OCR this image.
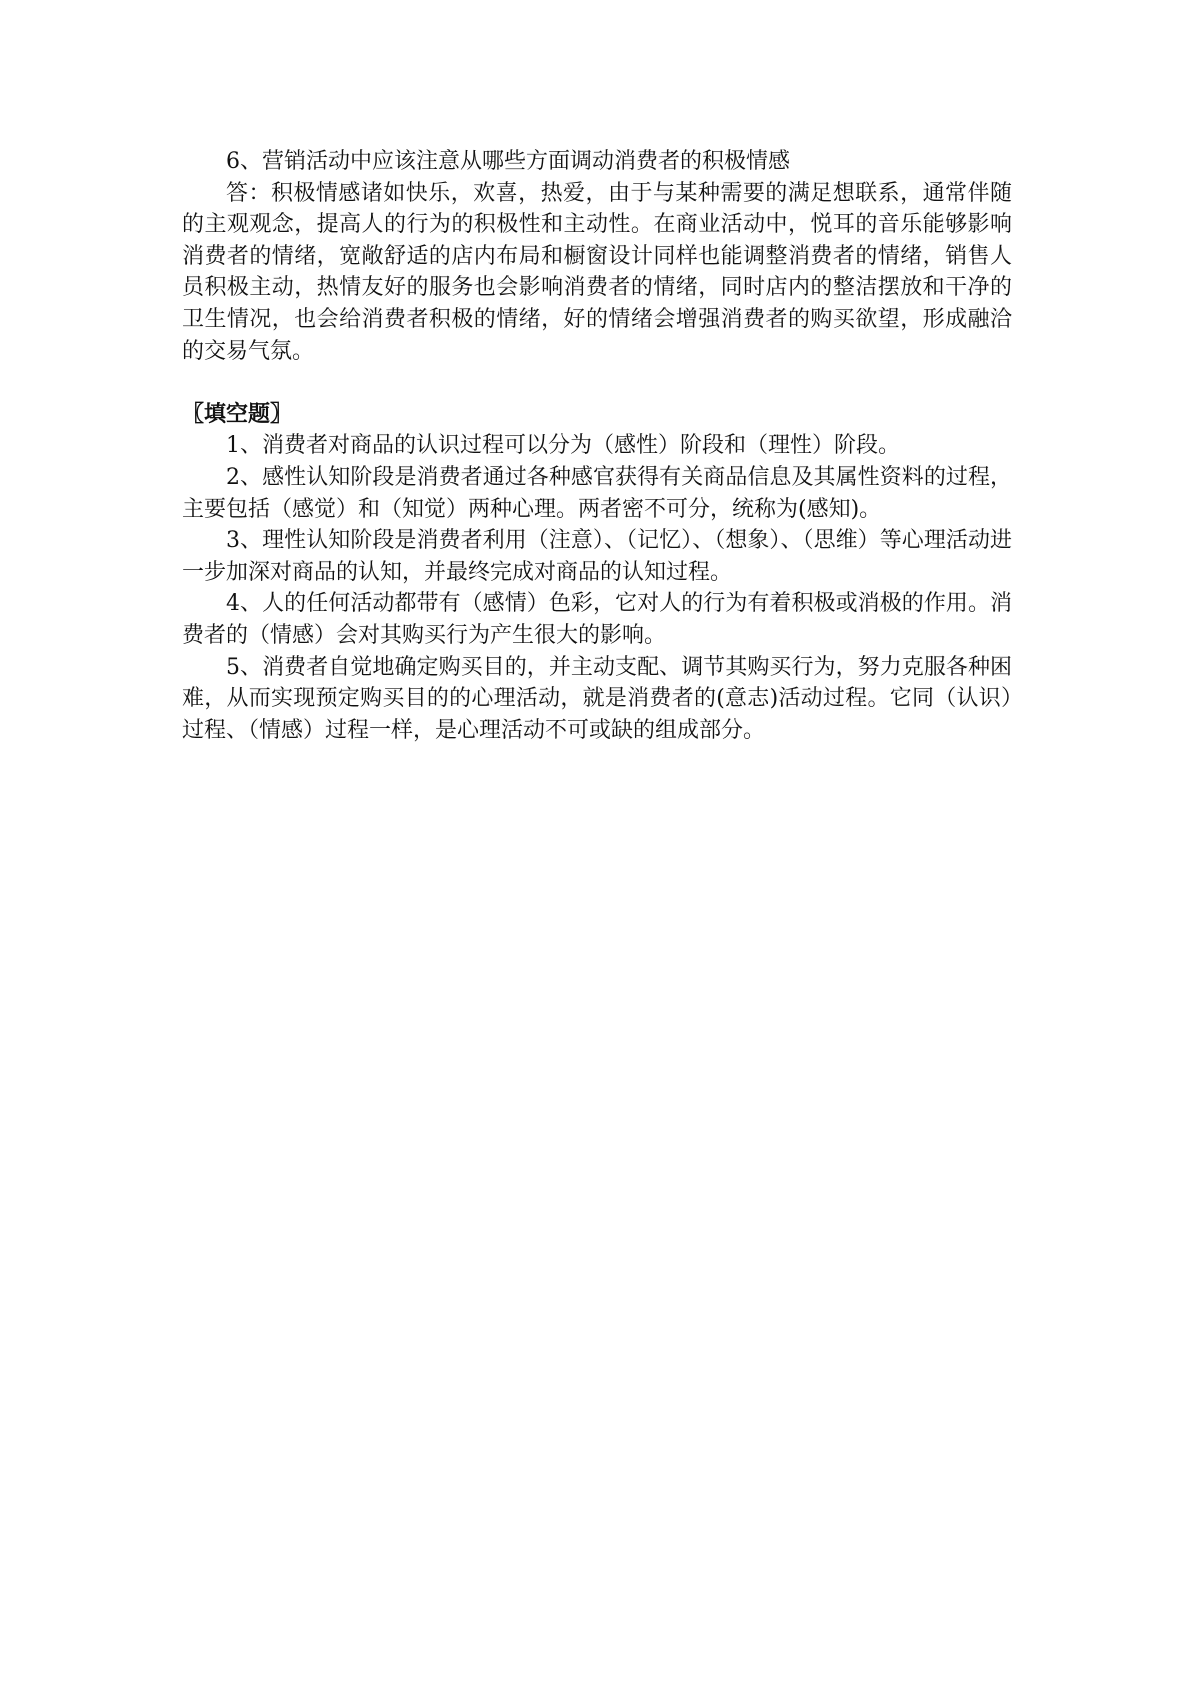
6、营销活动中应该注意从哪些方面调动消费者的积极情感

答：积极情感诸如快乐，欢喜，热爱，由于与某种需要的满足想联系，通常伴随的主观观念，提高人的行为的积极性和主动性。在商业活动中，悦耳的音乐能够影响消费者的情绪，宽敞舒适的店内布局和橱窗设计同样也能调整消费者的情绪，销售人员积极主动，热情友好的服务也会影响消费者的情绪，同时店内的整洁摆放和干净的卫生情况，也会给消费者积极的情绪，好的情绪会增强消费者的购买欲望，形成融洽的交易气氛。

〖填空题〗

1、消费者对商品的认识过程可以分为（感性）阶段和（理性）阶段。

2、感性认知阶段是消费者通过各种感官获得有关商品信息及其属性资料的过程，主要包括（感觉）和（知觉）两种心理。两者密不可分，统称为(感知)。

3、理性认知阶段是消费者利用（注意）、（记忆）、（想象）、（思维）等心理活动进一步加深对商品的认知，并最终完成对商品的认知过程。

4、人的任何活动都带有（感情）色彩，它对人的行为有着积极或消极的作用。消费者的（情感）会对其购买行为产生很大的影响。

5、消费者自觉地确定购买目的，并主动支配、调节其购买行为，努力克服各种困难，从而实现预定购买目的的心理活动，就是消费者的(意志)活动过程。它同（认识）过程、（情感）过程一样，是心理活动不可或缺的组成部分。
